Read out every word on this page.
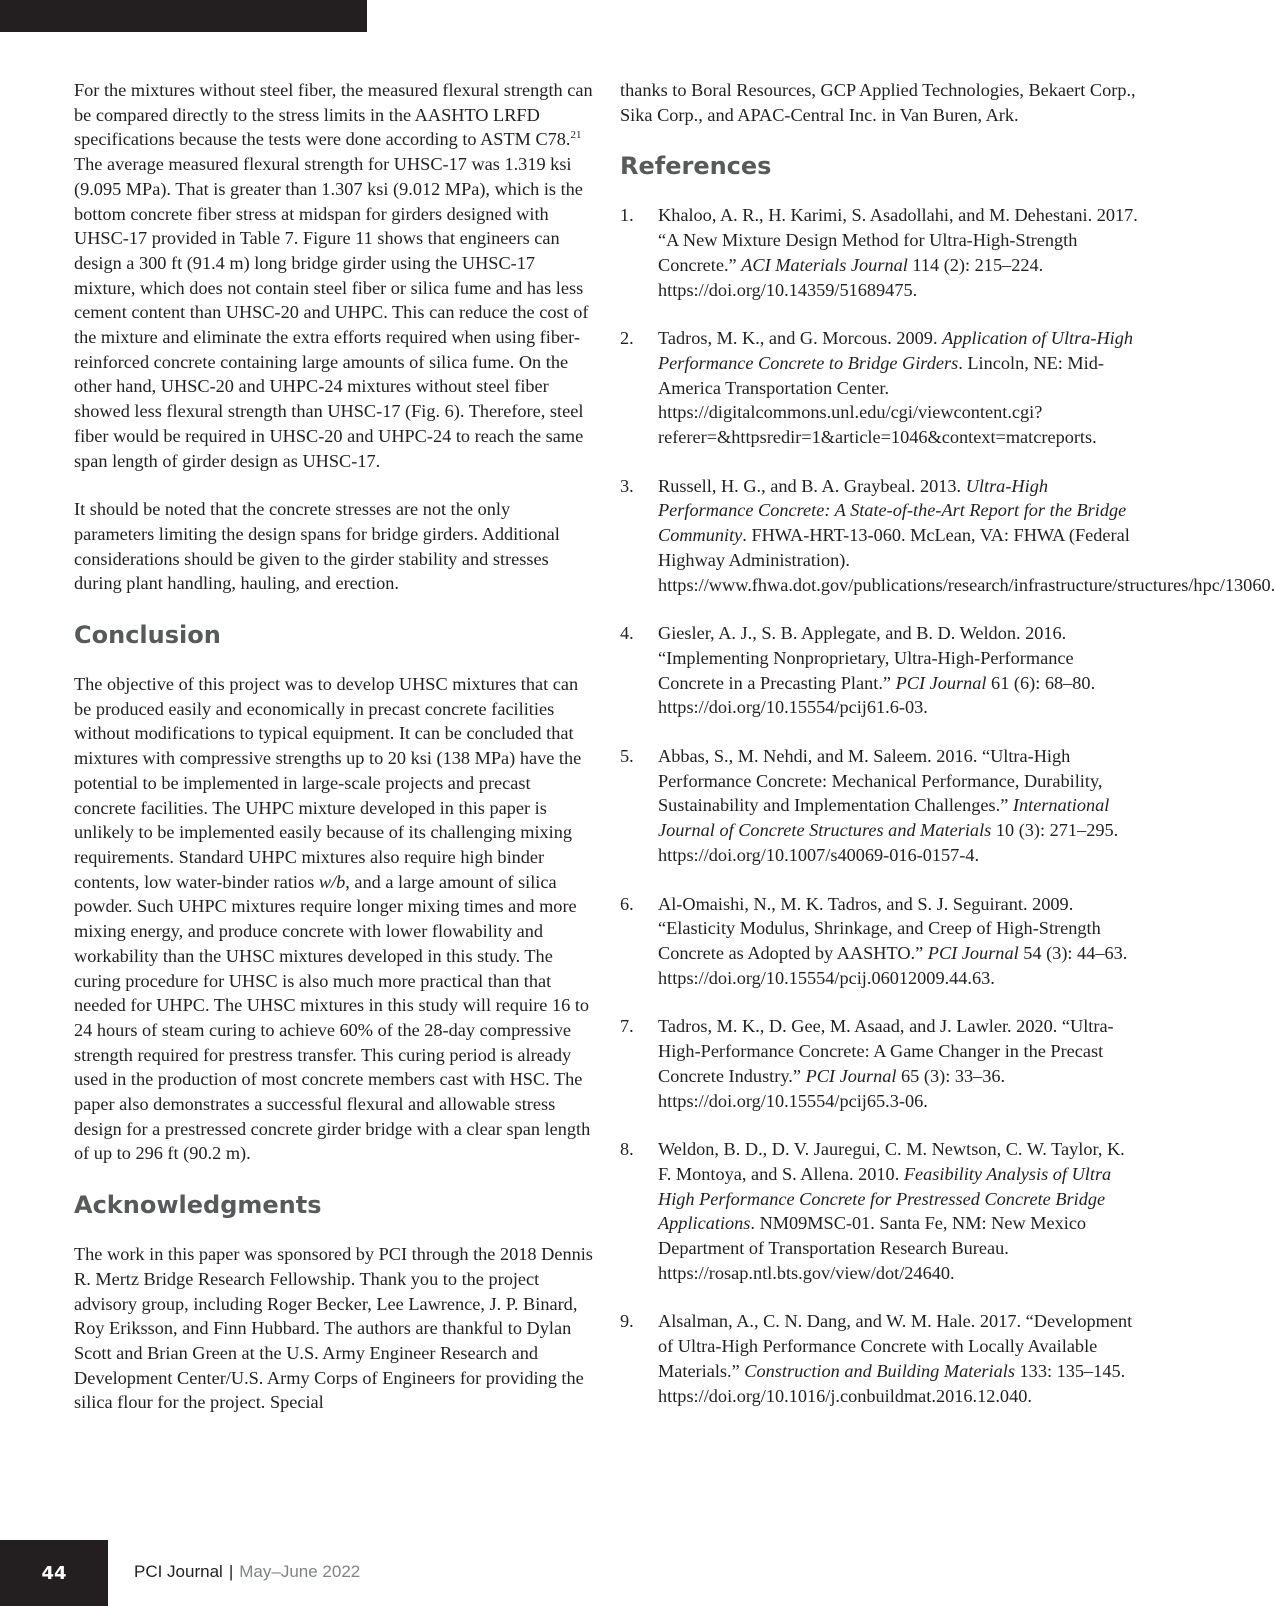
For the mixtures without steel fiber, the measured flexural strength can be compared directly to the stress limits in the AASHTO LRFD specifications because the tests were done according to ASTM C78.21 The average measured flexural strength for UHSC-17 was 1.319 ksi (9.095 MPa). That is greater than 1.307 ksi (9.012 MPa), which is the bottom concrete fiber stress at midspan for girders designed with UHSC-17 provided in Table 7. Figure 11 shows that engineers can design a 300 ft (91.4 m) long bridge girder using the UHSC-17 mixture, which does not contain steel fiber or silica fume and has less cement content than UHSC-20 and UHPC. This can reduce the cost of the mixture and eliminate the extra efforts required when using fiber-reinforced concrete containing large amounts of silica fume. On the other hand, UHSC-20 and UHPC-24 mixtures without steel fiber showed less flexural strength than UHSC-17 (Fig. 6). Therefore, steel fiber would be required in UHSC-20 and UHPC-24 to reach the same span length of girder design as UHSC-17.

It should be noted that the concrete stresses are not the only parameters limiting the design spans for bridge girders. Additional considerations should be given to the girder stability and stresses during plant handling, hauling, and erection.

Conclusion

The objective of this project was to develop UHSC mixtures that can be produced easily and economically in precast concrete facilities without modifications to typical equipment. It can be concluded that mixtures with compressive strengths up to 20 ksi (138 MPa) have the potential to be implemented in large-scale projects and precast concrete facilities. The UHPC mixture developed in this paper is unlikely to be implemented easily because of its challenging mixing requirements. Standard UHPC mixtures also require high binder contents, low water-binder ratios w/b, and a large amount of silica powder. Such UHPC mixtures require longer mixing times and more mixing energy, and produce concrete with lower flowability and workability than the UHSC mixtures developed in this study. The curing procedure for UHSC is also much more practical than that needed for UHPC. The UHSC mixtures in this study will require 16 to 24 hours of steam curing to achieve 60% of the 28-day compressive strength required for prestress transfer. This curing period is already used in the production of most concrete members cast with HSC. The paper also demonstrates a successful flexural and allowable stress design for a prestressed concrete girder bridge with a clear span length of up to 296 ft (90.2 m).

Acknowledgments

The work in this paper was sponsored by PCI through the 2018 Dennis R. Mertz Bridge Research Fellowship. Thank you to the project advisory group, including Roger Becker, Lee Lawrence, J. P. Binard, Roy Eriksson, and Finn Hubbard. The authors are thankful to Dylan Scott and Brian Green at the U.S. Army Engineer Research and Development Center/U.S. Army Corps of Engineers for providing the silica flour for the project. Special

thanks to Boral Resources, GCP Applied Technologies, Bekaert Corp., Sika Corp., and APAC-Central Inc. in Van Buren, Ark.

References
1. Khaloo, A. R., H. Karimi, S. Asadollahi, and M. Dehestani. 2017. “A New Mixture Design Method for Ultra-High-Strength Concrete.” ACI Materials Journal 114 (2): 215–224. https://doi.org/10.14359/51689475.
2. Tadros, M. K., and G. Morcous. 2009. Application of Ultra-High Performance Concrete to Bridge Girders. Lincoln, NE: Mid-America Transportation Center. https://digitalcommons.unl.edu/cgi/viewcontent.cgi?referer=&httpsredir=1&article=1046&context=matcreports.
3. Russell, H. G., and B. A. Graybeal. 2013. Ultra-High Performance Concrete: A State-of-the-Art Report for the Bridge Community. FHWA-HRT-13-060. McLean, VA: FHWA (Federal Highway Administration). https://www.fhwa.dot.gov/publications/research/infrastructure/structures/hpc/13060.
4. Giesler, A. J., S. B. Applegate, and B. D. Weldon. 2016. “Implementing Nonproprietary, Ultra-High-Performance Concrete in a Precasting Plant.” PCI Journal 61 (6): 68–80. https://doi.org/10.15554/pcij61.6-03.
5. Abbas, S., M. Nehdi, and M. Saleem. 2016. “Ultra-High Performance Concrete: Mechanical Performance, Durability, Sustainability and Implementation Challenges.” International Journal of Concrete Structures and Materials 10 (3): 271–295. https://doi.org/10.1007/s40069-016-0157-4.
6. Al-Omaishi, N., M. K. Tadros, and S. J. Seguirant. 2009. “Elasticity Modulus, Shrinkage, and Creep of High-Strength Concrete as Adopted by AASHTO.” PCI Journal 54 (3): 44–63. https://doi.org/10.15554/pcij.06012009.44.63.
7. Tadros, M. K., D. Gee, M. Asaad, and J. Lawler. 2020. “Ultra-High-Performance Concrete: A Game Changer in the Precast Concrete Industry.” PCI Journal 65 (3): 33–36. https://doi.org/10.15554/pcij65.3-06.
8. Weldon, B. D., D. V. Jauregui, C. M. Newtson, C. W. Taylor, K. F. Montoya, and S. Allena. 2010. Feasibility Analysis of Ultra High Performance Concrete for Prestressed Concrete Bridge Applications. NM09MSC-01. Santa Fe, NM: New Mexico Department of Transportation Research Bureau. https://rosap.ntl.bts.gov/view/dot/24640.
9. Alsalman, A., C. N. Dang, and W. M. Hale. 2017. “Development of Ultra-High Performance Concrete with Locally Available Materials.” Construction and Building Materials 133: 135–145. https://doi.org/10.1016/j.conbuildmat.2016.12.040.
44	PCI Journal | May–June 2022
